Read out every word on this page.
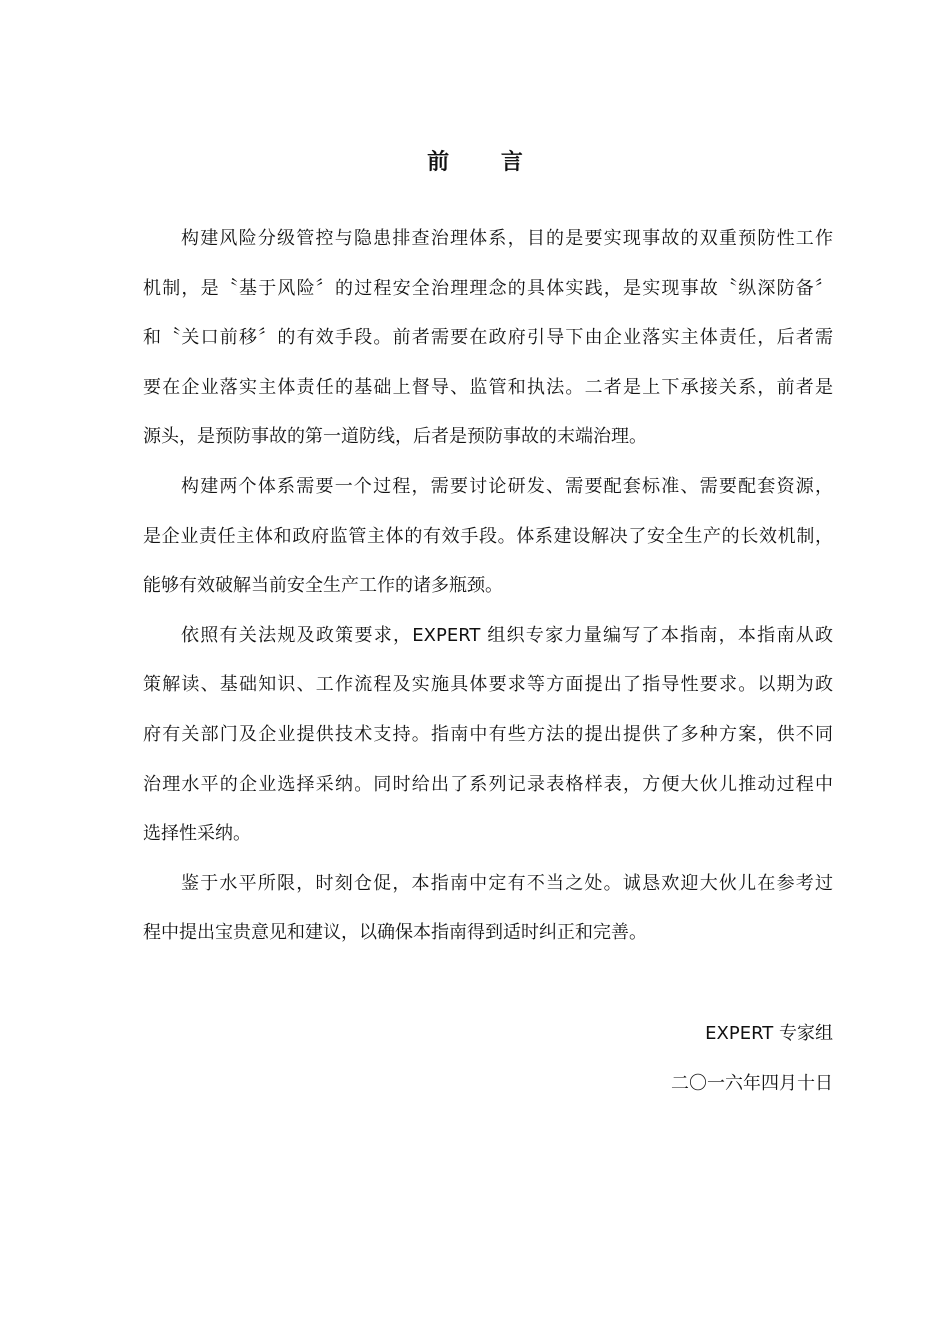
前 言

构建风险分级管控与隐患排查治理体系，目的是要实现事故的双重预防性工作
机制，是〝基于风险〞的过程安全治理理念的具体实践，是实现事故〝纵深防备〞
和〝关口前移〞的有效手段。前者需要在政府引导下由企业落实主体责任，后者需
要在企业落实主体责任的基础上督导、监管和执法。二者是上下承接关系，前者是
源头，是预防事故的第一道防线，后者是预防事故的末端治理。

构建两个体系需要一个过程，需要讨论研发、需要配套标准、需要配套资源，
是企业责任主体和政府监管主体的有效手段。体系建设解决了安全生产的长效机制，
能够有效破解当前安全生产工作的诸多瓶颈。

依照有关法规及政策要求，EXPERT 组织专家力量编写了本指南，本指南从政
策解读、基础知识、工作流程及实施具体要求等方面提出了指导性要求。以期为政
府有关部门及企业提供技术支持。指南中有些方法的提出提供了多种方案，供不同
治理水平的企业选择采纳。同时给出了系列记录表格样表，方便大伙儿推动过程中
选择性采纳。

鉴于水平所限，时刻仓促，本指南中定有不当之处。诚恳欢迎大伙儿在参考过
程中提出宝贵意见和建议，以确保本指南得到适时纠正和完善。

EXPERT 专家组

二〇一六年四月十日
